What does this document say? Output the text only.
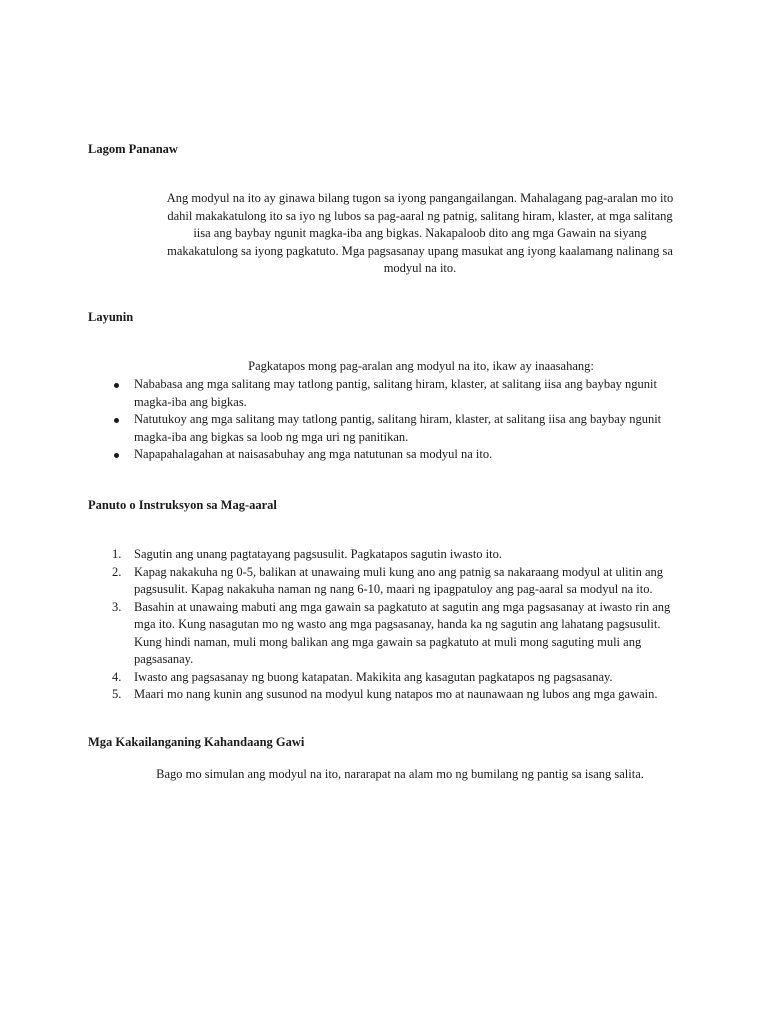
Lagom Pananaw
Ang modyul na ito ay ginawa bilang tugon sa iyong pangangailangan. Mahalagang pag-aralan mo ito dahil makakatulong ito sa iyo ng lubos sa pag-aaral ng patnig, salitang hiram, klaster, at mga salitang iisa ang baybay ngunit magka-iba ang bigkas. Nakapaloob dito ang mga Gawain na siyang makakatulong sa iyong pagkatuto. Mga pagsasanay upang masukat ang iyong kaalamang nalinang sa modyul na ito.
Layunin
Pagkatapos mong pag-aralan ang modyul na ito, ikaw ay inaasahang:
Nababasa ang mga salitang may tatlong pantig, salitang hiram, klaster, at salitang iisa ang baybay ngunit magka-iba ang bigkas.
Natutukoy ang mga salitang may tatlong pantig, salitang hiram, klaster, at salitang iisa ang baybay ngunit magka-iba ang bigkas sa loob ng mga uri ng panitikan.
Napapahalagahan at naisasabuhay ang mga natutunan sa modyul na ito.
Panuto o Instruksyon sa Mag-aaral
1. Sagutin ang unang pagtatayang pagsusulit. Pagkatapos sagutin iwasto ito.
2. Kapag nakakuha ng 0-5, balikan at unawaing muli kung ano ang patnig sa nakaraang modyul at ulitin ang pagsusulit. Kapag nakakuha naman ng nang 6-10, maari ng ipagpatuloy ang pag-aaral sa modyul na ito.
3. Basahin at unawaing mabuti ang mga gawain sa pagkatuto at sagutin ang mga pagsasanay at iwasto rin ang mga ito. Kung nasagutan mo ng wasto ang mga pagsasanay, handa ka ng sagutin ang lahatang pagsusulit. Kung hindi naman, muli mong balikan ang mga gawain sa pagkatuto at muli mong saguting muli ang pagsasanay.
4. Iwasto ang pagsasanay ng buong katapatan. Makikita ang kasagutan pagkatapos ng pagsasanay.
5. Maari mo nang kunin ang susunod na modyul kung natapos mo at naunawaan ng lubos ang mga gawain.
Mga Kakailanganing Kahandaang Gawi
Bago mo simulan ang modyul na ito, nararapat na alam mo ng bumilang ng pantig sa isang salita.
